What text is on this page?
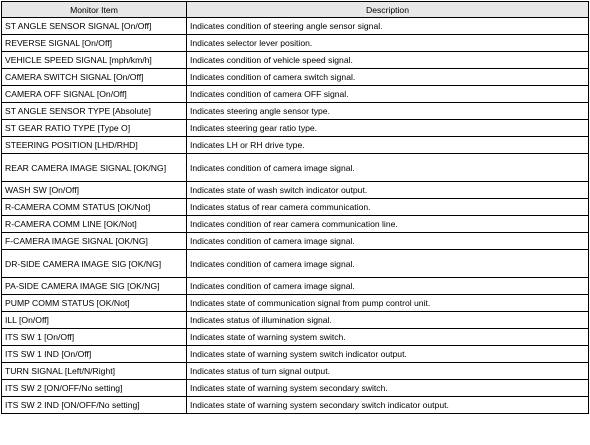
Monitor Item	Description
ST ANGLE SENSOR SIGNAL [On/Off]	Indicates condition of steering angle sensor signal.
REVERSE SIGNAL [On/Off]	Indicates selector lever position.
VEHICLE SPEED SIGNAL [mph/km/h]	Indicates condition of vehicle speed signal.
CAMERA SWITCH SIGNAL [On/Off]	Indicates condition of camera switch signal.
CAMERA OFF SIGNAL [On/Off]	Indicates condition of camera OFF signal.
ST ANGLE SENSOR TYPE [Absolute]	Indicates steering angle sensor type.
ST GEAR RATIO TYPE [Type O]	Indicates steering gear ratio type.
STEERING POSITION [LHD/RHD]	Indicates LH or RH drive type.
REAR CAMERA IMAGE SIGNAL [OK/NG]	Indicates condition of camera image signal.
WASH SW [On/Off]	Indicates state of wash switch indicator output.
R-CAMERA COMM STATUS [OK/Not]	Indicates status of rear camera communication.
R-CAMERA COMM LINE [OK/Not]	Indicates condition of rear camera communication line.
F-CAMERA IMAGE SIGNAL [OK/NG]	Indicates condition of camera image signal.
DR-SIDE CAMERA IMAGE SIG [OK/NG]	Indicates condition of camera image signal.
PA-SIDE CAMERA IMAGE SIG [OK/NG]	Indicates condition of camera image signal.
PUMP COMM STATUS [OK/Not]	Indicates state of communication signal from pump control unit.
ILL [On/Off]	Indicates status of illumination signal.
ITS SW 1 [On/Off]	Indicates state of warning system switch.
ITS SW 1 IND [On/Off]	Indicates state of warning system switch indicator output.
TURN SIGNAL [Left/N/Right]	Indicates status of turn signal output.
ITS SW 2 [ON/OFF/No setting]	Indicates state of warning system secondary switch.
ITS SW 2 IND [ON/OFF/No setting]	Indicates state of warning system secondary switch indicator output.
